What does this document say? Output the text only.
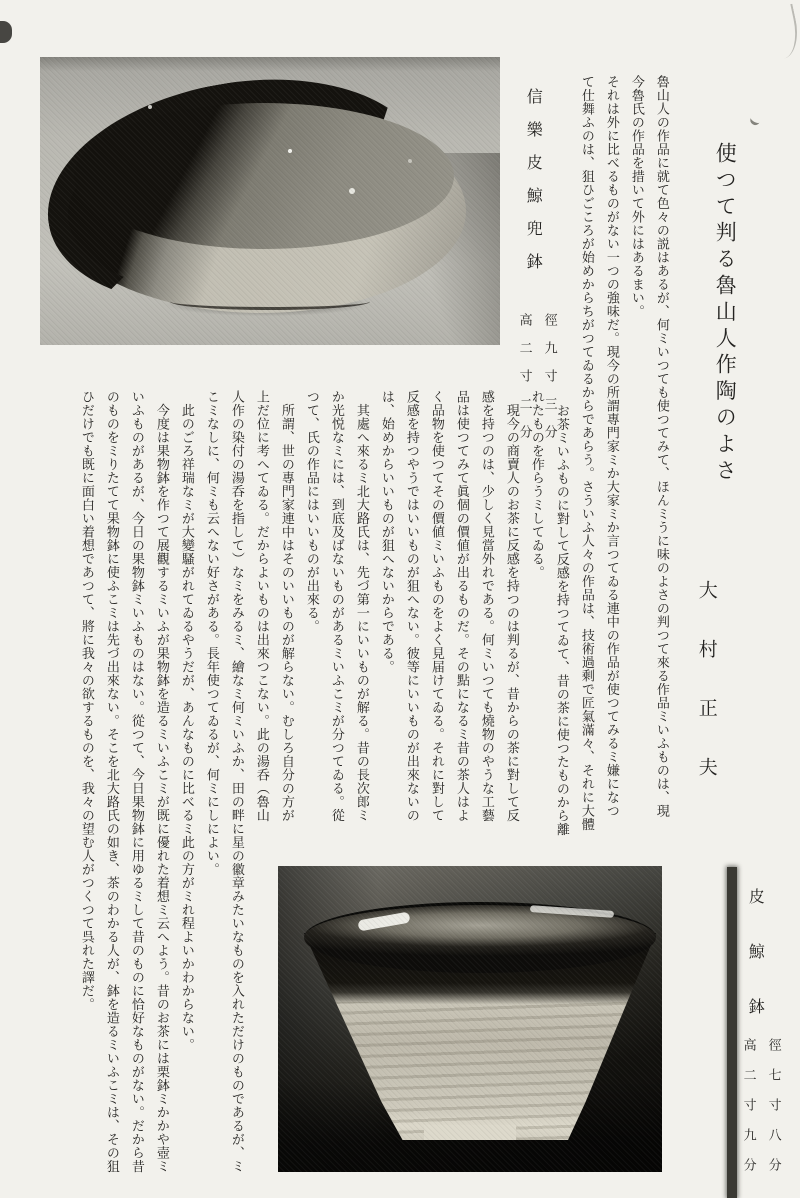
使つて判る魯山人作陶のよさ
大村正夫
信樂皮鯨兜鉢
徑九寸三分
高二寸二分	魯山人の作品に就て色々の説はあるが、何ミいつても使つてみて、ほんミうに味のよさの判つて來る作品ミいふものは、現
今魯氏の作品を措いて外にはあるまい。
それは外に比べるものがない一つの強味だ。現今の所謂專門家ミか大家ミか言つてゐる連中の作品が使つてみるミ嫌になつ
て仕舞ふのは、狙ひごころが始めからちがつてゐるからであらう。さういふ人々の作品は、技術過剩で匠氣滿々、それに大體
お茶ミいふものに對して反感を持つてゐて、昔の茶に使つたものから離
れたものを作らうミしてゐる。
　現今の商賣人のお茶に反感を持つのは判るが、昔からの茶に對して反
感を持つのは、少しく見當外れである。何ミいつても燒物のやうな工藝
品は使つてみて眞個の價値が出るものだ。その點になるミ昔の茶人はよ
く品物を使つてその價値ミいふものをよく見届けてゐる。それに對して
反感を持つやうではいいものが狙へない。彼等にいいものが出來ないの
は、始めからいいものが狙へないからである。
　其處へ來るミ北大路氏は、先づ第一にいいものが解る。昔の長次郎ミ
か光悦なミには、到底及ばないものがあるミいふこミが分つてゐる。從
つて、氏の作品にはいいものが出來る。
　所謂、世の專門家連中はそのいいものが解らない。むしろ自分の方が
上だ位に考へてゐる。だからよいものは出來つこない。此の湯呑（魯山
人作の染付の湯呑を指して）なミをみるミ、繪なミ何ミいふか、田の畔に星の徽章みたいなものを入れただけのものであるが、ミ
こミなしに、何ミも云へない好さがある。長年使つてゐるが、何ミにしによい。
　此のごろ祥瑞なミが大變騷がれてゐるやうだが、あんなものに比べるミ此の方がミれ程よいかわからない。
　今度は果物鉢を作つて展觀するミいふが果物鉢を造るミいふこミが既に優れた着想ミ云へよう。昔のお茶には栗鉢ミかかや壺ミ
いふものがあるが、今日の果物鉢ミいふものはない。從つて、今日果物鉢に用ゆるミして昔のものに恰好なものがない。だから昔
のものをミりたてて果物鉢に使ふこミは先づ出來ない。そこを北大路氏の如き、茶のわかる人が、鉢を造るミいふこミは、その狙
ひだけでも既に面白い着想であつて、將に我々の欲するものを、我々の望む人がつくつて呉れた譯だ。	皮鯨鉢
徑七寸八分
高二寸九分
